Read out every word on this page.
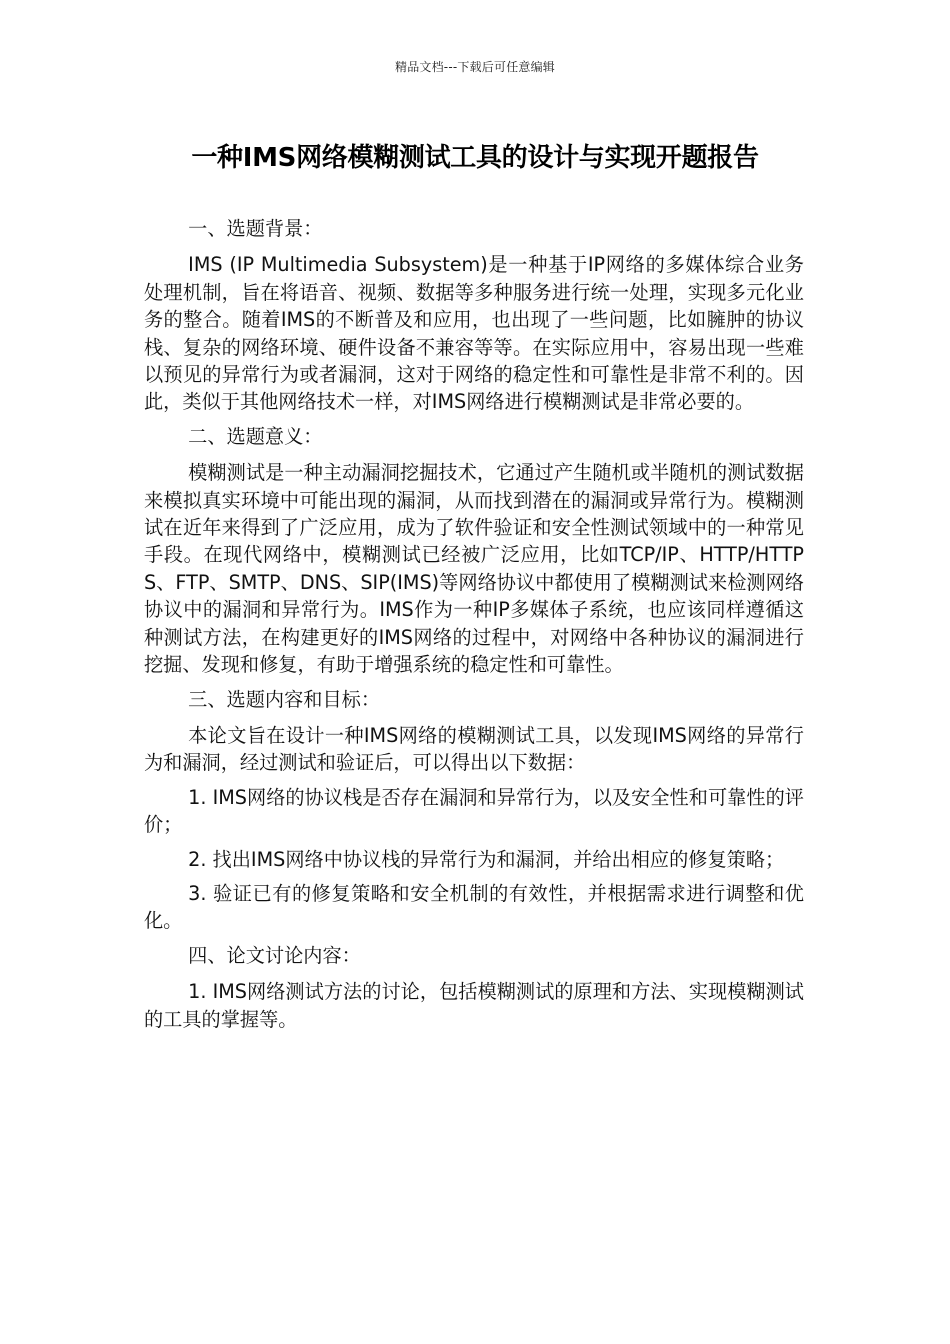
精品文档---下载后可任意编辑
一种IMS网络模糊测试工具的设计与实现开题报告

一、选题背景：

IMS (IP Multimedia Subsystem)是一种基于IP网络的多媒体综合业务处理机制，旨在将语音、视频、数据等多种服务进行统一处理，实现多元化业务的整合。随着IMS的不断普及和应用，也出现了一些问题，比如臃肿的协议栈、复杂的网络环境、硬件设备不兼容等等。在实际应用中，容易出现一些难以预见的异常行为或者漏洞，这对于网络的稳定性和可靠性是非常不利的。因此，类似于其他网络技术一样，对IMS网络进行模糊测试是非常必要的。

二、选题意义：

模糊测试是一种主动漏洞挖掘技术，它通过产生随机或半随机的测试数据来模拟真实环境中可能出现的漏洞，从而找到潜在的漏洞或异常行为。模糊测试在近年来得到了广泛应用，成为了软件验证和安全性测试领域中的一种常见手段。在现代网络中，模糊测试已经被广泛应用，比如TCP/IP、HTTP/HTTPS、FTP、SMTP、DNS、SIP(IMS)等网络协议中都使用了模糊测试来检测网络协议中的漏洞和异常行为。IMS作为一种IP多媒体子系统，也应该同样遵循这种测试方法，在构建更好的IMS网络的过程中，对网络中各种协议的漏洞进行挖掘、发现和修复，有助于增强系统的稳定性和可靠性。

三、选题内容和目标：

本论文旨在设计一种IMS网络的模糊测试工具，以发现IMS网络的异常行为和漏洞，经过测试和验证后，可以得出以下数据：

1. IMS网络的协议栈是否存在漏洞和异常行为，以及安全性和可靠性的评价；

2. 找出IMS网络中协议栈的异常行为和漏洞，并给出相应的修复策略；

3. 验证已有的修复策略和安全机制的有效性，并根据需求进行调整和优化。

四、论文讨论内容：

1. IMS网络测试方法的讨论，包括模糊测试的原理和方法、实现模糊测试的工具的掌握等。
